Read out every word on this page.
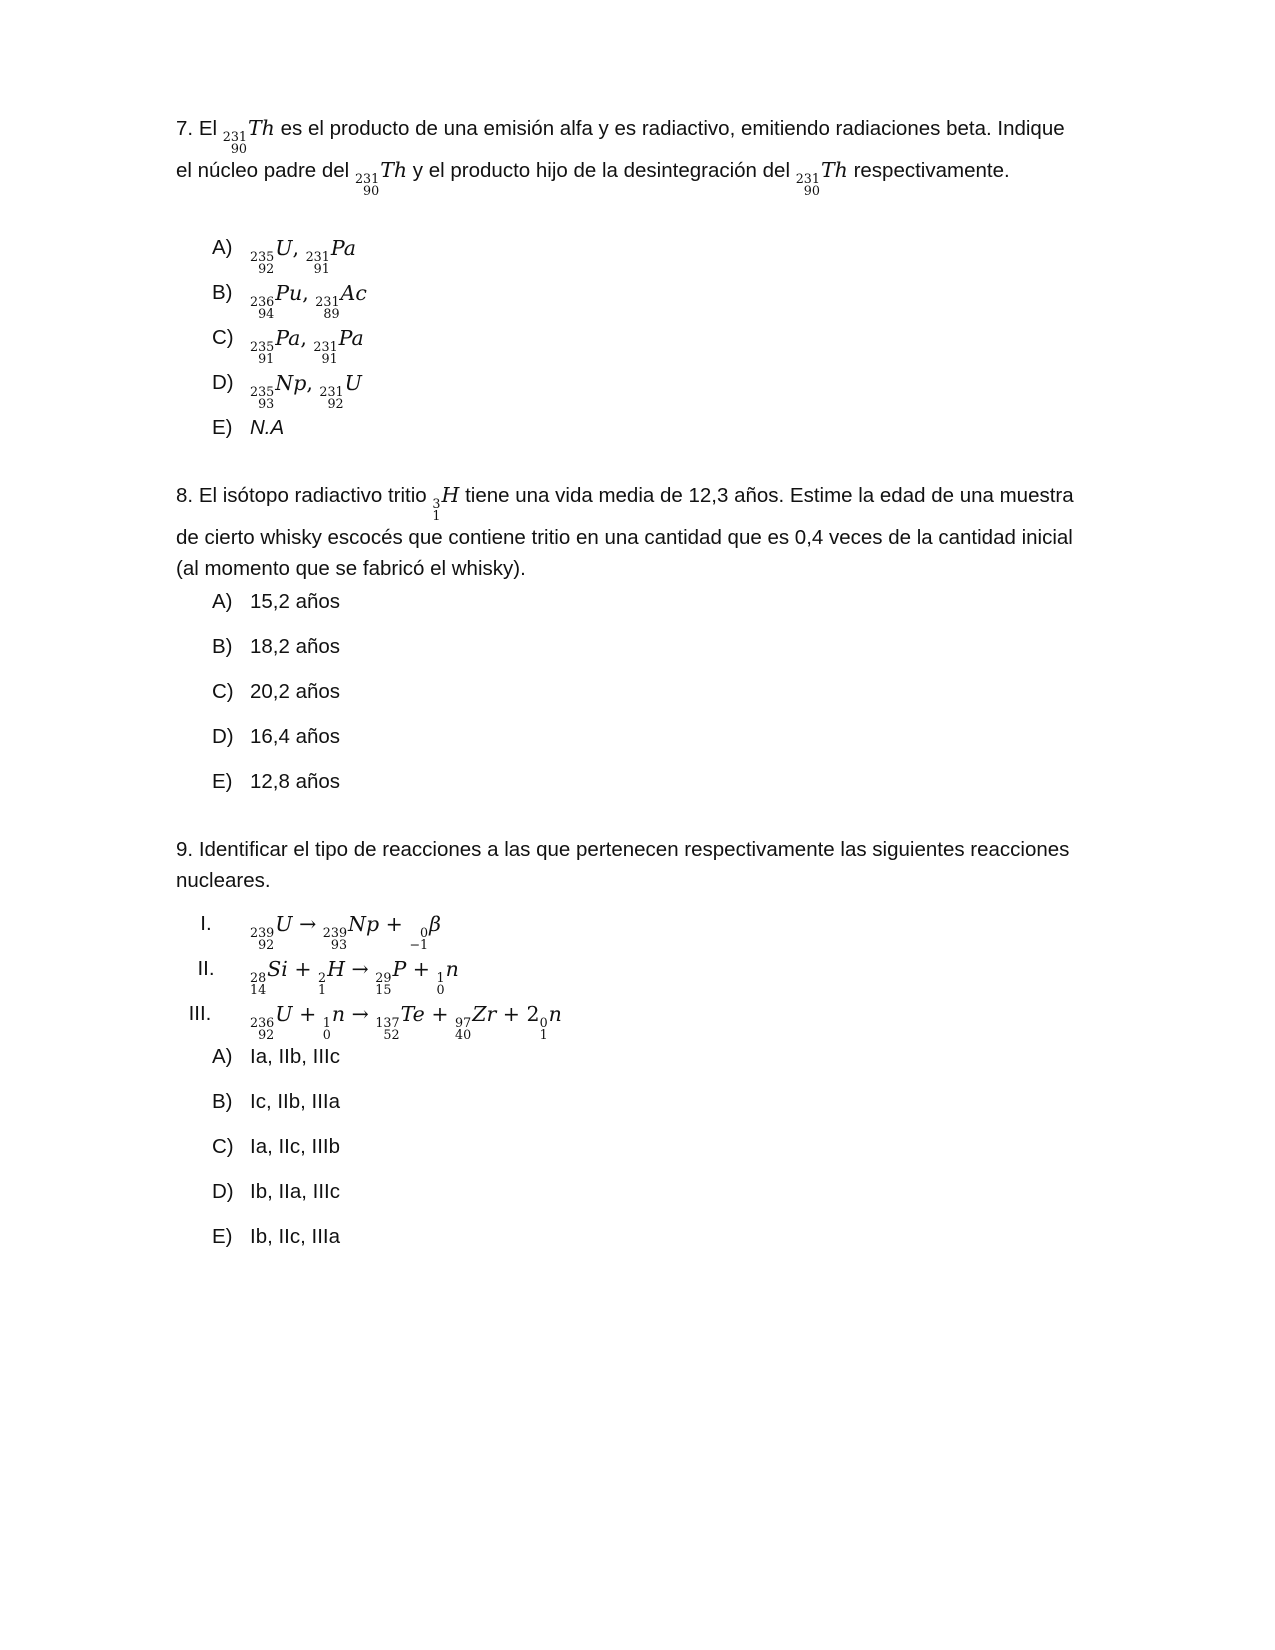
7. El 231
90
Th es el producto de una emisión alfa y es radiactivo, emitiendo radiaciones beta. Indique
el núcleo padre del 231
90
Th y el producto hijo de la desintegración del 231
90
Th respectivamente.

A) 235
92
U, 231
91
Pa
B) 236
94
Pu, 231
89
Ac
C) 235
91
Pa, 231
91
Pa
D) 235
93
Np, 231
92
U
E) N.A

8. El isótopo radiactivo tritio 3
1
H tiene una vida media de 12,3 años. Estime la edad de una muestra
de cierto whisky escocés que contiene tritio en una cantidad que es 0,4 veces de la cantidad inicial
(al momento que se fabricó el whisky).

A) 15,2 años
B) 18,2 años
C) 20,2 años
D) 16,4 años
E) 12,8 años

9. Identificar el tipo de reacciones a las que pertenecen respectivamente las siguientes reacciones
nucleares.

I.	239
92
U → 239
93
Np + 0
−1
β
II.	28
14
Si + 2
1
H → 29
15
P + 1
0
n
III.	236
92
U + 1
0
n → 137
52
Te + 97
40
Zr + 2 0
1
n
A) Ia, IIb, IIIc
B) Ic, IIb, IIIa
C) Ia, IIc, IIIb
D) Ib, IIa, IIIc
E) Ib, IIc, IIIa
